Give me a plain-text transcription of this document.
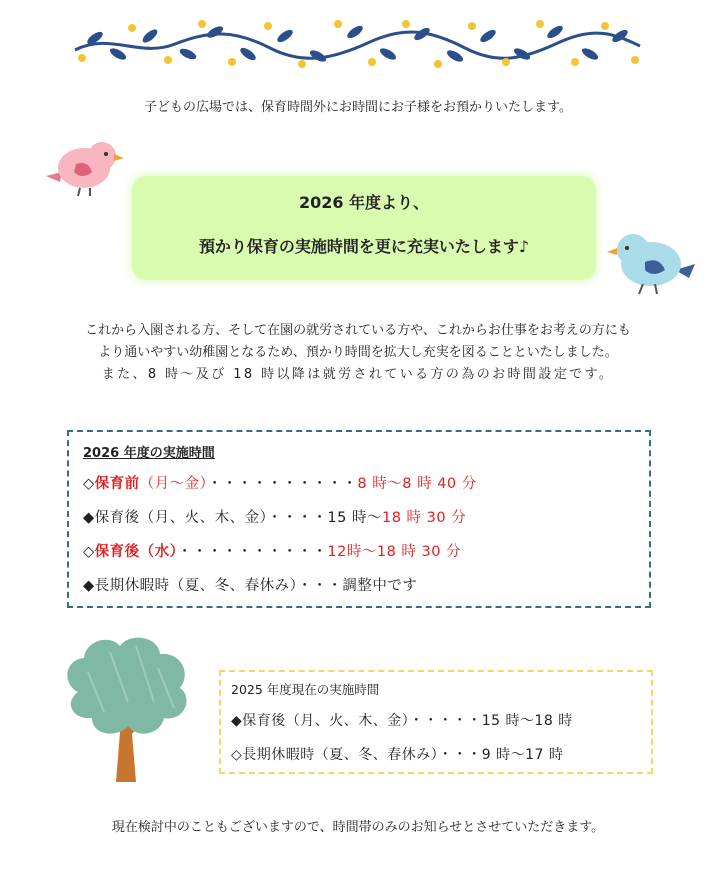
子どもの広場では、保育時間外にお時間にお子様をお預かりいたします。
2026 年度より、
預かり保育の実施時間を更に充実いたします♪
これから入園される方、そして在園の就労されている方や、これからお仕事をお考えの方にも
より通いやすい幼稚園となるため、預かり時間を拡大し充実を図ることといたしました。
また、8 時～及び 18 時以降は就労されている方の為のお時間設定です。
2026 年度の実施時間
◇保育前（月～金）・・・・・・・・・・8 時～8 時 40 分
◆保育後（月、火、木、金）・・・・15 時～18 時 30 分
◇保育後（水）・・・・・・・・・・12時～18 時 30 分
◆長期休暇時（夏、冬、春休み）・・・調整中です
2025 年度現在の実施時間
◆保育後（月、火、木、金）・・・・・15 時～18 時
◇長期休暇時（夏、冬、春休み）・・・9 時～17 時
現在検討中のこともございますので、時間帯のみのお知らせとさせていただきます。
